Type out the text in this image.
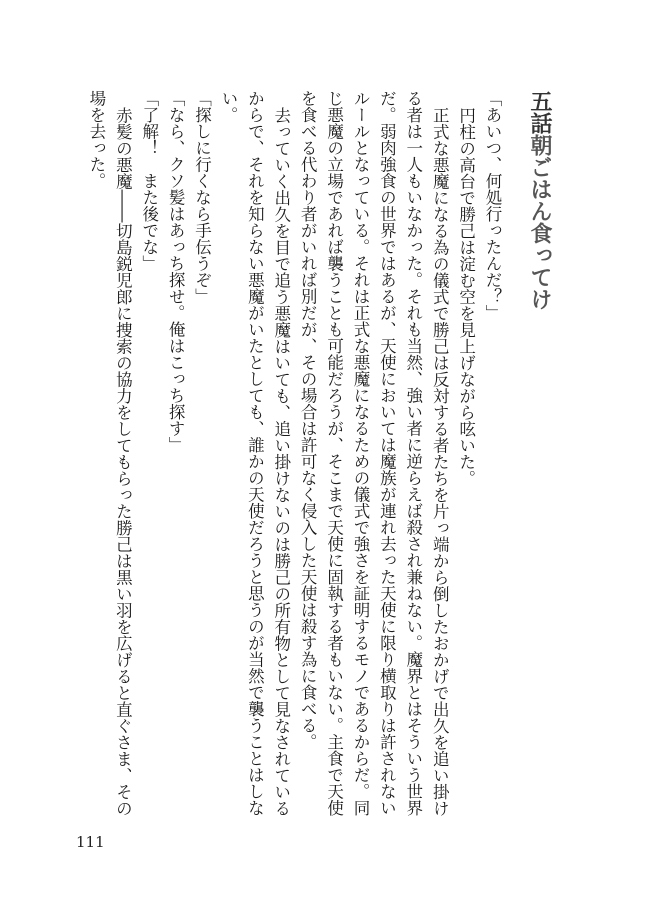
五話朝ごはん食ってけ

「あいつ、何処行ったんだ？」

円柱の高台で勝己は淀む空を見上げながら呟いた。

正式な悪魔になる為の儀式で勝己は反対する者たちを片っ端から倒したおかげで出久を追い掛ける者は一人もいなかった。それも当然、強い者に逆らえば殺され兼ねない。魔界とはそういう世界だ。弱肉強食の世界ではあるが、天使においては魔族が連れ去った天使に限り横取りは許されないルールとなっている。それは正式な悪魔になるための儀式で強さを証明するモノであるからだ。同じ悪魔の立場であれば襲うことも可能だろうが、そこまで天使に固執する者もいない。主食で天使を食べる代わり者がいれば別だが、その場合は許可なく侵入した天使は殺す為に食べる。

去っていく出久を目で追う悪魔はいても、追い掛けないのは勝己の所有物として見なされているからで、それを知らない悪魔がいたとしても、誰かの天使だろうと思うのが当然で襲うことはしない。

「探しに行くなら手伝うぞ」

「なら、クソ髪はあっち探せ。俺はこっち探す」

「了解！　また後でな」

赤髪の悪魔――切島鋭児郎に捜索の協力をしてもらった勝己は黒い羽を広げると直ぐさま、その場を去った。

111
